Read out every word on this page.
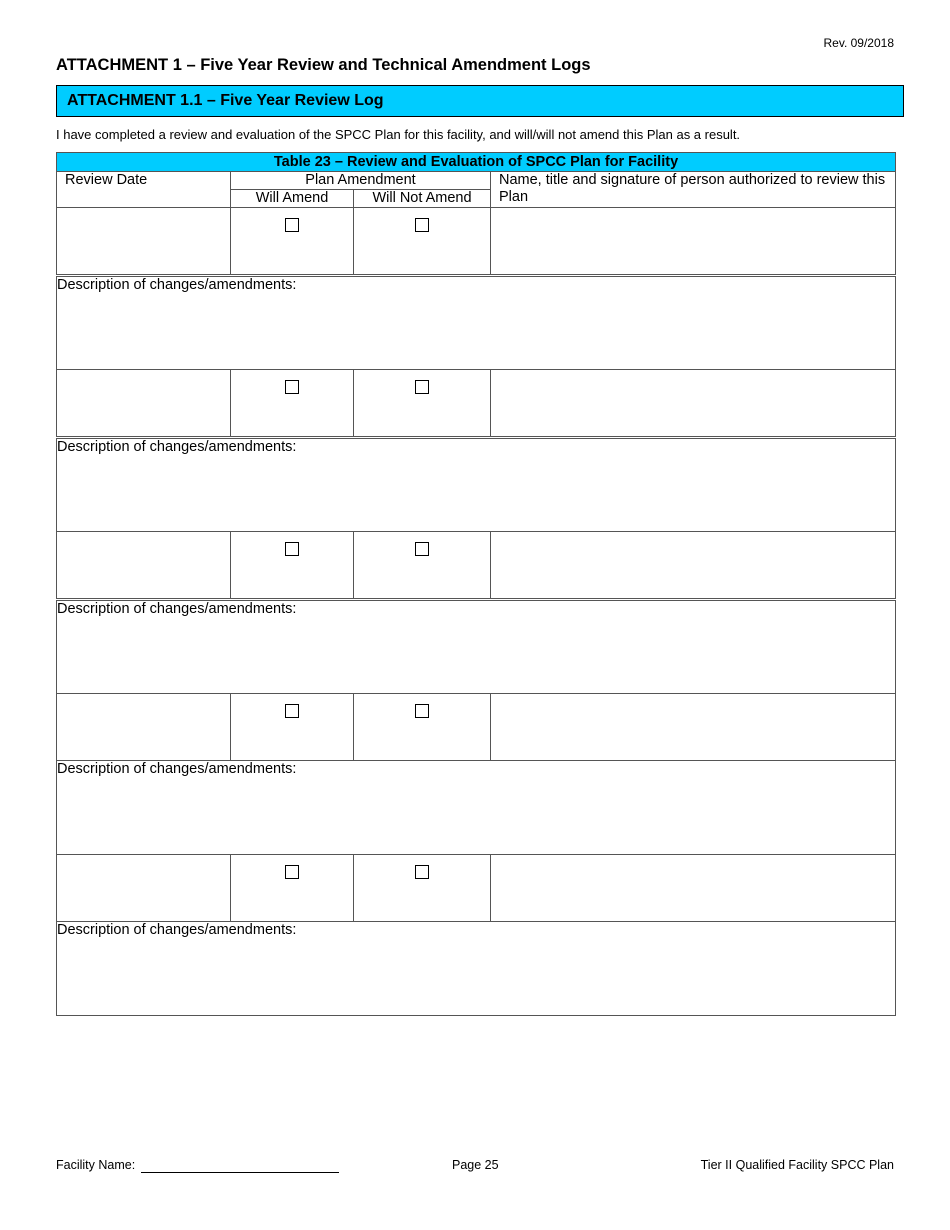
Rev. 09/2018
ATTACHMENT 1 – Five Year Review and Technical Amendment Logs
ATTACHMENT 1.1 – Five Year Review Log
I have completed a review and evaluation of the SPCC Plan for this facility, and will/will not amend this Plan as a result.
Table 23 – Review and Evaluation of SPCC Plan for Facility			
Review Date	Plan Amendment		Name, title and signature of person authorized to review this Plan
	Will Amend	Will Not Amend	

Description of changes/amendments:			

Description of changes/amendments:			

Description of changes/amendments:			

Description of changes/amendments:			

Description of changes/amendments:			
Facility Name:	Page 25	Tier II Qualified Facility SPCC Plan
